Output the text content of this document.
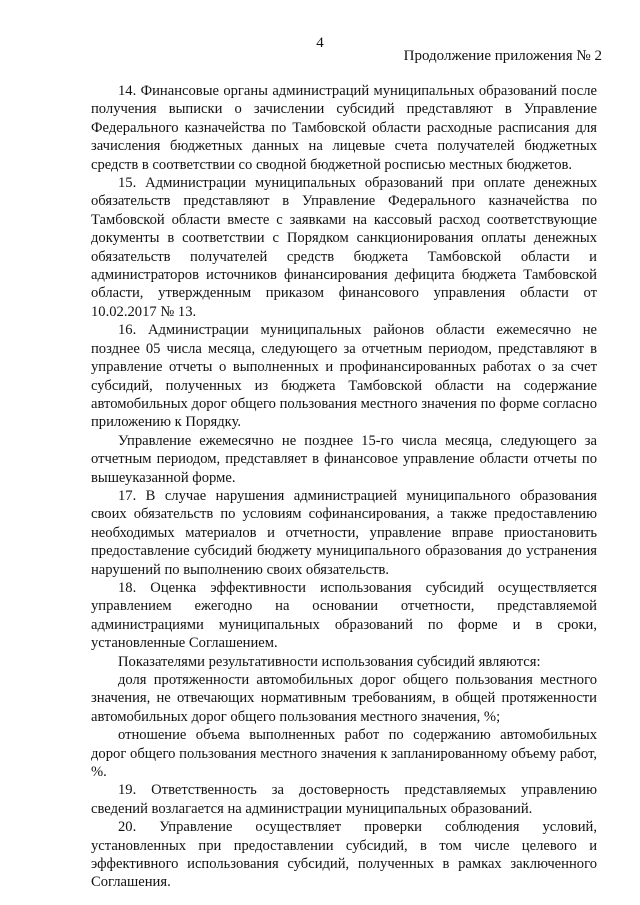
4
Продолжение приложения № 2

14. Финансовые органы администраций муниципальных образований после получения выписки о зачислении субсидий представляют в Управление Федерального казначейства по Тамбовской области расходные расписания для зачисления бюджетных данных на лицевые счета получателей бюджетных средств в соответствии со сводной бюджетной росписью местных бюджетов.

15. Администрации муниципальных образований при оплате денежных обязательств представляют в Управление Федерального казначейства по Тамбовской области вместе с заявками на кассовый расход соответствующие документы в соответствии с Порядком санкционирования оплаты денежных обязательств получателей средств бюджета Тамбовской области и администраторов источников финансирования дефицита бюджета Тамбовской области, утвержденным приказом финансового управления области от 10.02.2017 № 13.

16. Администрации муниципальных районов области ежемесячно не позднее 05 числа месяца, следующего за отчетным периодом, представляют в управление отчеты о выполненных и профинансированных работах о за счет субсидий, полученных из бюджета Тамбовской области на содержание автомобильных дорог общего пользования местного значения по форме согласно приложению к Порядку.

Управление ежемесячно не позднее 15-го числа месяца, следующего за отчетным периодом, представляет в финансовое управление области отчеты по вышеуказанной форме.

17. В случае нарушения администрацией муниципального образования своих обязательств по условиям софинансирования, а также предоставлению необходимых материалов и отчетности, управление вправе приостановить предоставление субсидий бюджету муниципального образования до устранения нарушений по выполнению своих обязательств.

18. Оценка эффективности использования субсидий осуществляется управлением ежегодно на основании отчетности, представляемой администрациями муниципальных образований по форме и в сроки, установленные Соглашением.

Показателями результативности использования субсидий являются:

доля протяженности автомобильных дорог общего пользования местного значения, не отвечающих нормативным требованиям, в общей протяженности автомобильных дорог общего пользования местного значения, %;

отношение объема выполненных работ по содержанию автомобильных дорог общего пользования местного значения к запланированному объему работ, %.

19. Ответственность за достоверность представляемых управлению сведений возлагается на администрации муниципальных образований.

20. Управление осуществляет проверки соблюдения условий, установленных при предоставлении субсидий, в том числе целевого и эффективного использования субсидий, полученных в рамках заключенного Соглашения.
